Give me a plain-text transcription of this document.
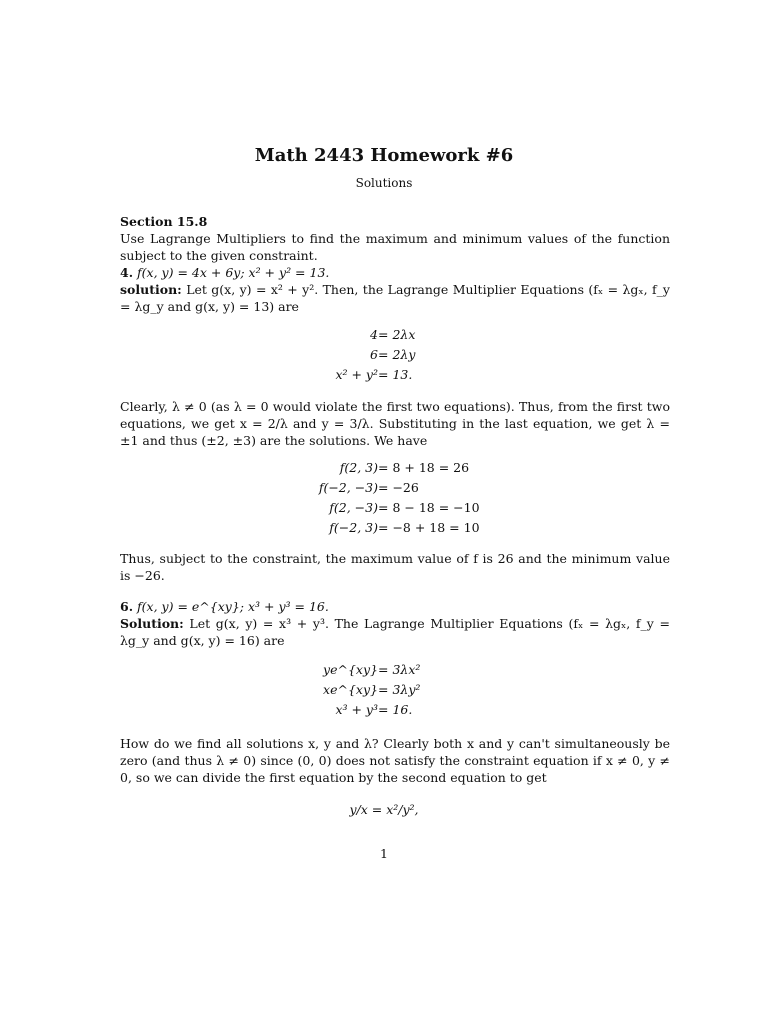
Math 2443 Homework #6
Solutions
Section 15.8
Use Lagrange Multipliers to find the maximum and minimum values of the function subject to the given constraint.
4. f(x, y) = 4x + 6y; x² + y² = 13.
solution: Let g(x, y) = x² + y². Then, the Lagrange Multiplier Equations (fₓ = λgₓ, f_y = λg_y and g(x, y) = 13) are
4 = 2λx
6 = 2λy
x² + y² = 13.
Clearly, λ ≠ 0 (as λ = 0 would violate the first two equations). Thus, from the first two equations, we get x = 2/λ and y = 3/λ. Substituting in the last equation, we get λ = ±1 and thus (±2, ±3) are the solutions. We have
f(2, 3) = 8 + 18 = 26
f(−2, −3) = −26
f(2, −3) = 8 − 18 = −10
f(−2, 3) = −8 + 18 = 10
Thus, subject to the constraint, the maximum value of f is 26 and the minimum value is −26.
6. f(x, y) = e^{xy}; x³ + y³ = 16.
Solution: Let g(x, y) = x³ + y³. The Lagrange Multiplier Equations (fₓ = λgₓ, f_y = λg_y and g(x, y) = 16) are
ye^{xy} = 3λx²
xe^{xy} = 3λy²
x³ + y³ = 16.
How do we find all solutions x, y and λ? Clearly both x and y can't simultaneously be zero (and thus λ ≠ 0) since (0, 0) does not satisfy the constraint equation if x ≠ 0, y ≠ 0, so we can divide the first equation by the second equation to get
y/x = x²/y²,
1
